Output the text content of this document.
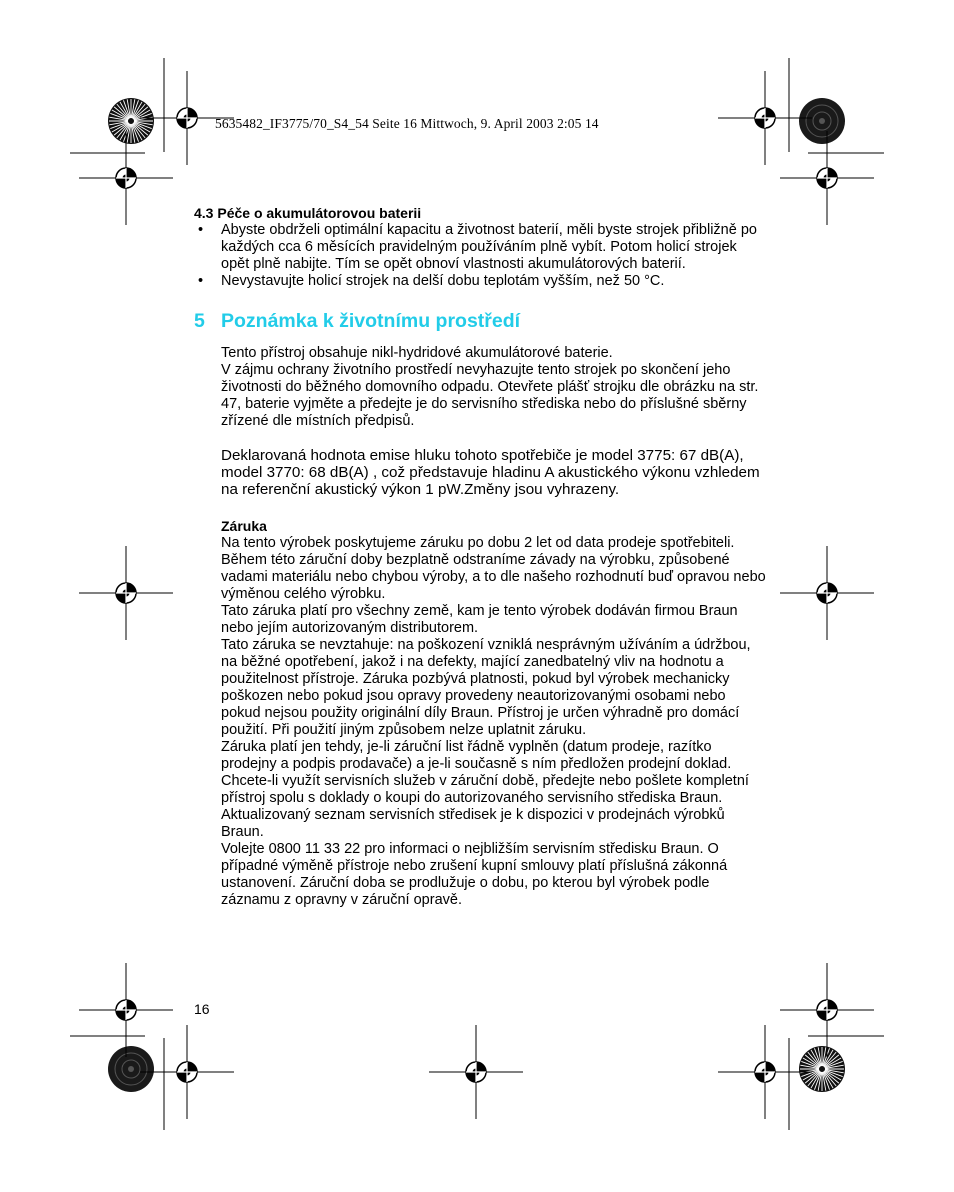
5635482_IF3775/70_S4_54 Seite 16 Mittwoch, 9. April 2003 2:05 14
4.3 Péče o akumulátorovou baterii
• Abyste obdrželi optimální kapacitu a životnost baterií, měli byste strojek přibližně po každých cca 6 měsících pravidelným používáním plně vybít. Potom holicí strojek opět plně nabijte. Tím se opět obnoví vlastnosti akumulátorových baterií.
• Nevystavujte holicí strojek na delší dobu teplotám vyšším, než 50 °C.
5 Poznámka k životnímu prostředí

Tento přístroj obsahuje nikl-hydridové akumulátorové baterie.

V zájmu ochrany životního prostředí nevyhazujte tento strojek po skončení jeho životnosti do běžného domovního odpadu. Otevřete plášť strojku dle obrázku na str. 47, baterie vyjměte a předejte je do servisního střediska nebo do příslušné sběrny zřízené dle místních předpisů.

Deklarovaná hodnota emise hluku tohoto spotřebiče je model 3775: 67 dB(A), model 3770: 68 dB(A) , což představuje hladinu A akustického výkonu vzhledem na referenční akustický výkon 1 pW.Změny jsou vyhrazeny.

Záruka

Na tento výrobek poskytujeme záruku po dobu 2 let od data prodeje spotřebiteli. Během této záruční doby bezplatně odstraníme závady na výrobku, způsobené vadami materiálu nebo chybou výroby, a to dle našeho rozhodnutí buď opravou nebo výměnou celého výrobku.

Tato záruka platí pro všechny země, kam je tento výrobek dodáván firmou Braun nebo jejím autorizovaným distributorem.

Tato záruka se nevztahuje: na poškození vzniklá nesprávným užíváním a údržbou, na běžné opotřebení, jakož i na defekty, mající zanedbatelný vliv na hodnotu a použitelnost přístroje. Záruka pozbývá platnosti, pokud byl výrobek mechanicky poškozen nebo pokud jsou opravy provedeny neautorizovanými osobami nebo pokud nejsou použity originální díly Braun. Přístroj je určen výhradně pro domácí použití. Při použití jiným způsobem nelze uplatnit záruku.

Záruka platí jen tehdy, je-li záruční list řádně vyplněn (datum prodeje, razítko prodejny a podpis prodavače) a je-li současně s ním předložen prodejní doklad.

Chcete-li využít servisních služeb v záruční době, předejte nebo pošlete kompletní přístroj spolu s doklady o koupi do autorizovaného servisního střediska Braun. Aktualizovaný seznam servisních středisek je k dispozici v prodejnách výrobků Braun.

Volejte 0800 11 33 22 pro informaci o nejbližším servisním středisku Braun. O případné výměně přístroje nebo zrušení kupní smlouvy platí příslušná zákonná ustanovení. Záruční doba se prodlužuje o dobu, po kterou byl výrobek podle záznamu z opravny v záruční opravě.

16
